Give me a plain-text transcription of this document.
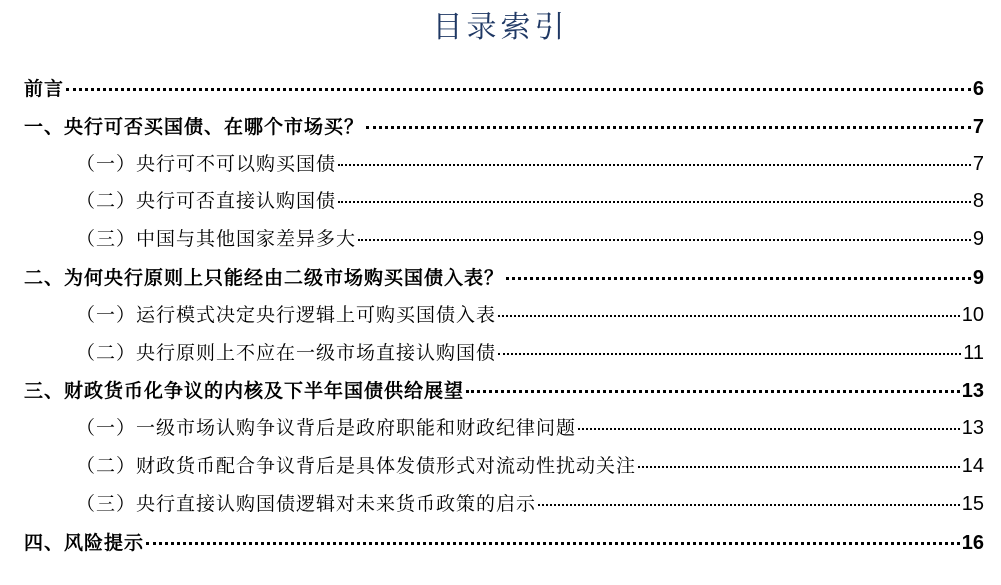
目录索引
前言	6
一、央行可否买国债、在哪个市场买？	7
（一）央行可不可以购买国债	7
（二）央行可否直接认购国债	8
（三）中国与其他国家差异多大	9
二、为何央行原则上只能经由二级市场购买国债入表？	9
（一）运行模式决定央行逻辑上可购买国债入表	10
（二）央行原则上不应在一级市场直接认购国债	11
三、财政货币化争议的内核及下半年国债供给展望	13
（一）一级市场认购争议背后是政府职能和财政纪律问题	13
（二）财政货币配合争议背后是具体发债形式对流动性扰动关注	14
（三）央行直接认购国债逻辑对未来货币政策的启示	15
四、风险提示	16
